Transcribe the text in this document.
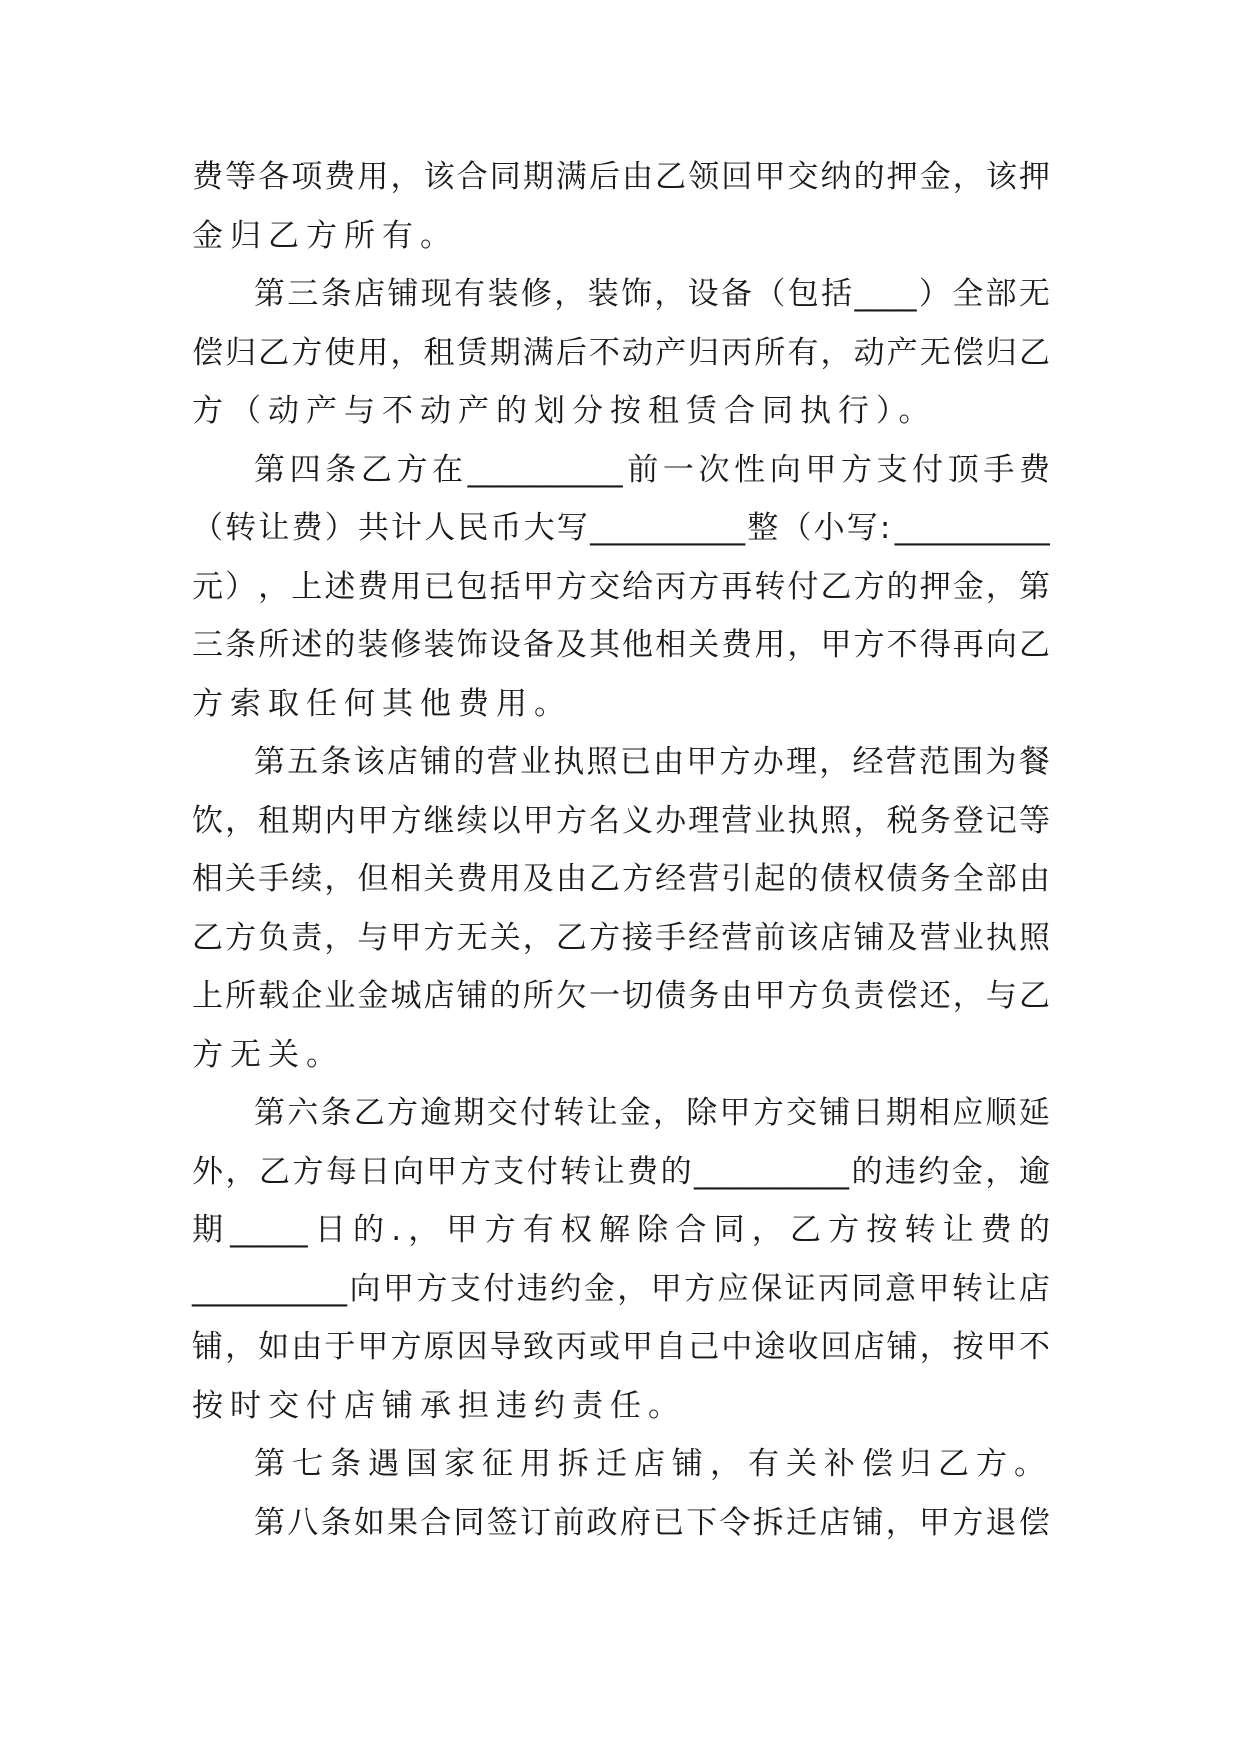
费 等 各 项 费 用 ， 该 合 同 期 满 后 由 乙 领 回 甲 交 纳 的 押 金 ， 该 押
金归乙方所有。
第 三 条 店 铺 现 有 装 修 ， 装 饰 ， 设 备 （ 包 括 ____ ） 全 部 无
偿 归 乙 方 使 用 ， 租 赁 期 满 后 不 动 产 归 丙 所 有 ， 动 产 无 偿 归 乙
方（动产与不动产的划分按租赁合同执行）。
第 四 条 乙 方 在 __________ 前 一 次 性 向 甲 方 支 付 顶 手 费
（ 转 让 费 ） 共 计 人 民 币 大 写 __________ 整 （ 小 写 : __________
元 ） ， 上 述 费 用 已 包 括 甲 方 交 给 丙 方 再 转 付 乙 方 的 押 金 ， 第
三 条 所 述 的 装 修 装 饰 设 备 及 其 他 相 关 费 用 ， 甲 方 不 得 再 向 乙
方索取任何其他费用。
第 五 条 该 店 铺 的 营 业 执 照 已 由 甲 方 办 理 ， 经 营 范 围 为 餐
饮 ， 租 期 内 甲 方 继 续 以 甲 方 名 义 办 理 营 业 执 照 ， 税 务 登 记 等
相 关 手 续 ， 但 相 关 费 用 及 由 乙 方 经 营 引 起 的 债 权 债 务 全 部 由
乙 方 负 责 ， 与 甲 方 无 关 ， 乙 方 接 手 经 营 前 该 店 铺 及 营 业 执 照
上 所 载 企 业 金 城 店 铺 的 所 欠 一 切 债 务 由 甲 方 负 责 偿 还 ， 与 乙
方无关。
第 六 条 乙 方 逾 期 交 付 转 让 金 ， 除 甲 方 交 铺 日 期 相 应 顺 延
外 ， 乙 方 每 日 向 甲 方 支 付 转 让 费 的 __________ 的 违 约 金 ， 逾
期 _____ 日 的 . ， 甲 方 有 权 解 除 合 同 ， 乙 方 按 转 让 费 的
__________ 向 甲 方 支 付 违 约 金 ， 甲 方 应 保 证 丙 同 意 甲 转 让 店
铺 ， 如 由 于 甲 方 原 因 导 致 丙 或 甲 自 己 中 途 收 回 店 铺 ， 按 甲 不
按时交付店铺承担违约责任。
第七条遇国家征用拆迁店铺，有关补偿归乙方。
第 八 条 如 果 合 同 签 订 前 政 府 已 下 令 拆 迁 店 铺 ， 甲 方 退 偿
